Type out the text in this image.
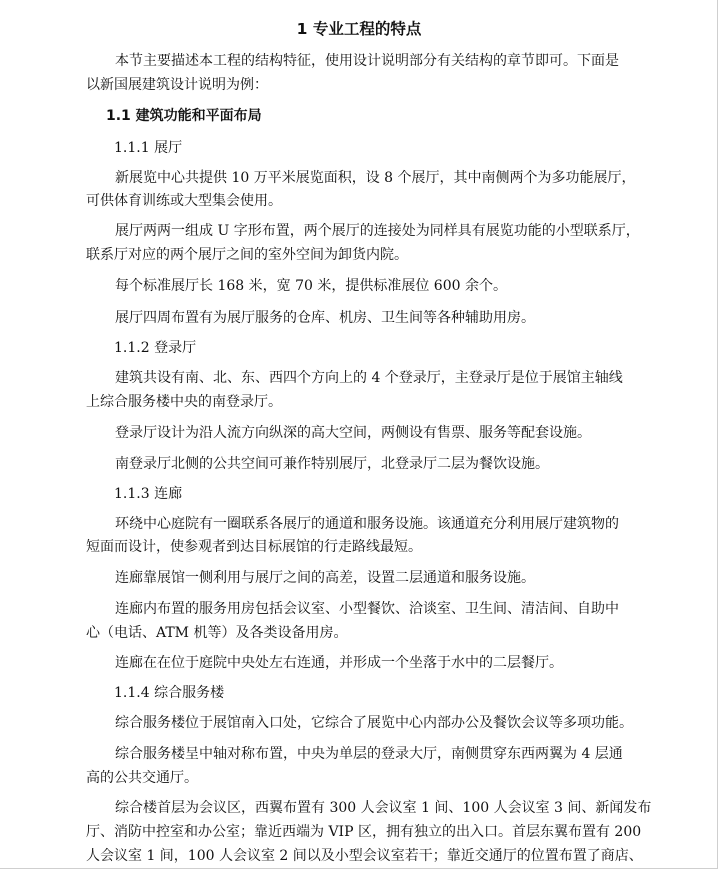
1 专业工程的特点
本节主要描述本工程的结构特征，使用设计说明部分有关结构的章节即可。下面是
以新国展建筑设计说明为例：
1.1 建筑功能和平面布局
1.1.1 展厅
新展览中心共提供 10 万平米展览面积，设 8 个展厅，其中南侧两个为多功能展厅，
可供体育训练或大型集会使用。
展厅两两一组成 U 字形布置，两个展厅的连接处为同样具有展览功能的小型联系厅，
联系厅对应的两个展厅之间的室外空间为卸货内院。
每个标准展厅长 168 米，宽 70 米，提供标准展位 600 余个。
展厅四周布置有为展厅服务的仓库、机房、卫生间等各种辅助用房。
1.1.2 登录厅
建筑共设有南、北、东、西四个方向上的 4 个登录厅，主登录厅是位于展馆主轴线
上综合服务楼中央的南登录厅。
登录厅设计为沿人流方向纵深的高大空间，两侧设有售票、服务等配套设施。
南登录厅北侧的公共空间可兼作特别展厅，北登录厅二层为餐饮设施。
1.1.3 连廊
环绕中心庭院有一圈联系各展厅的通道和服务设施。该通道充分利用展厅建筑物的
短面而设计，使参观者到达目标展馆的行走路线最短。
连廊靠展馆一侧利用与展厅之间的高差，设置二层通道和服务设施。
连廊内布置的服务用房包括会议室、小型餐饮、洽谈室、卫生间、清洁间、自助中
心（电话、ATM 机等）及各类设备用房。
连廊在在位于庭院中央处左右连通，并形成一个坐落于水中的二层餐厅。
1.1.4 综合服务楼
综合服务楼位于展馆南入口处，它综合了展览中心内部办公及餐饮会议等多项功能。
综合服务楼呈中轴对称布置，中央为单层的登录大厅，南侧贯穿东西两翼为 4 层通
高的公共交通厅。
综合楼首层为会议区，西翼布置有 300 人会议室 1 间、100 人会议室 3 间、新闻发布
厅、消防中控室和办公室；靠近西端为 VIP 区，拥有独立的出入口。首层东翼布置有 200
人会议室 1 间，100 人会议室 2 间以及小型会议室若干；靠近交通厅的位置布置了商店、
